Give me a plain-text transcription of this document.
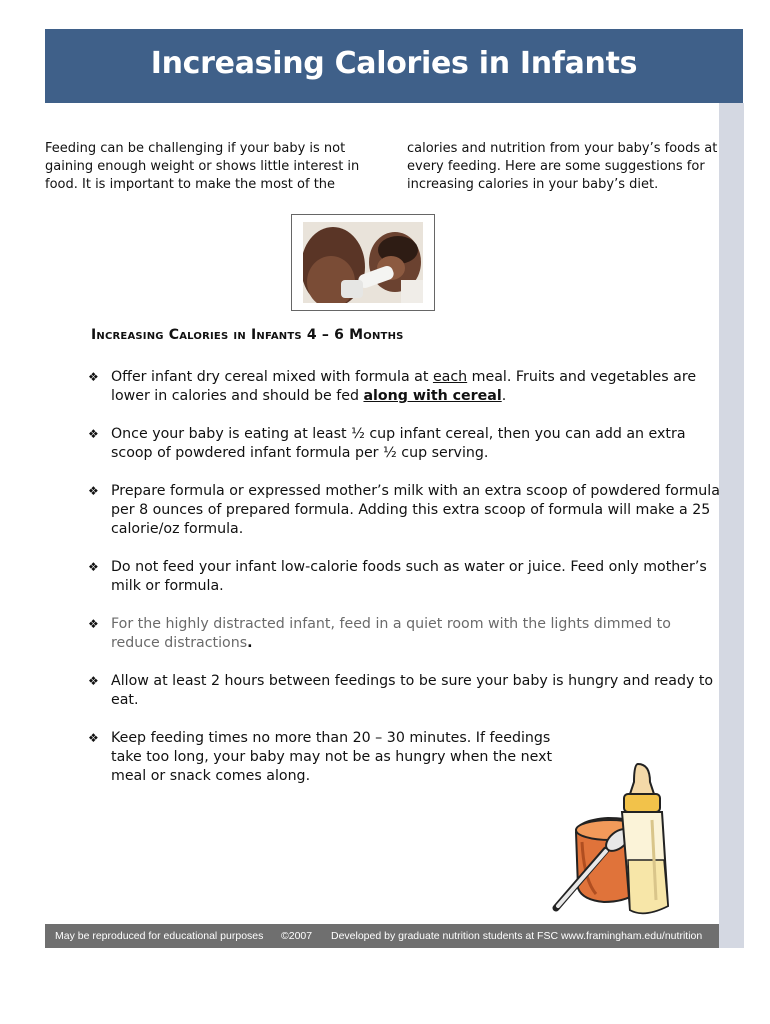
Increasing Calories in Infants
Feeding can be challenging if your baby is not gaining enough weight or shows little interest in food. It is important to make the most of the
calories and nutrition from your baby’s foods at every feeding. Here are some suggestions for increasing calories in your baby’s diet.
Increasing Calories in Infants 4 – 6 Months
❖ Offer infant dry cereal mixed with formula at each meal. Fruits and vegetables are lower in calories and should be fed along with cereal.
❖ Once your baby is eating at least ½ cup infant cereal, then you can add an extra scoop of powdered infant formula per ½ cup serving.
❖ Prepare formula or expressed mother’s milk with an extra scoop of powdered formula per 8 ounces of prepared formula. Adding this extra scoop of formula will make a 25 calorie/oz formula.
❖ Do not feed your infant low-calorie foods such as water or juice. Feed only mother’s milk or formula.
❖ For the highly distracted infant, feed in a quiet room with the lights dimmed to reduce distractions.
❖ Allow at least 2 hours between feedings to be sure your baby is hungry and ready to eat.
❖ Keep feeding times no more than 20 – 30 minutes. If feedings take too long, your baby may not be as hungry when the next meal or snack comes along.
May be reproduced for educational purposes ©2007 Developed by graduate nutrition students at FSC www.framingham.edu/nutrition
